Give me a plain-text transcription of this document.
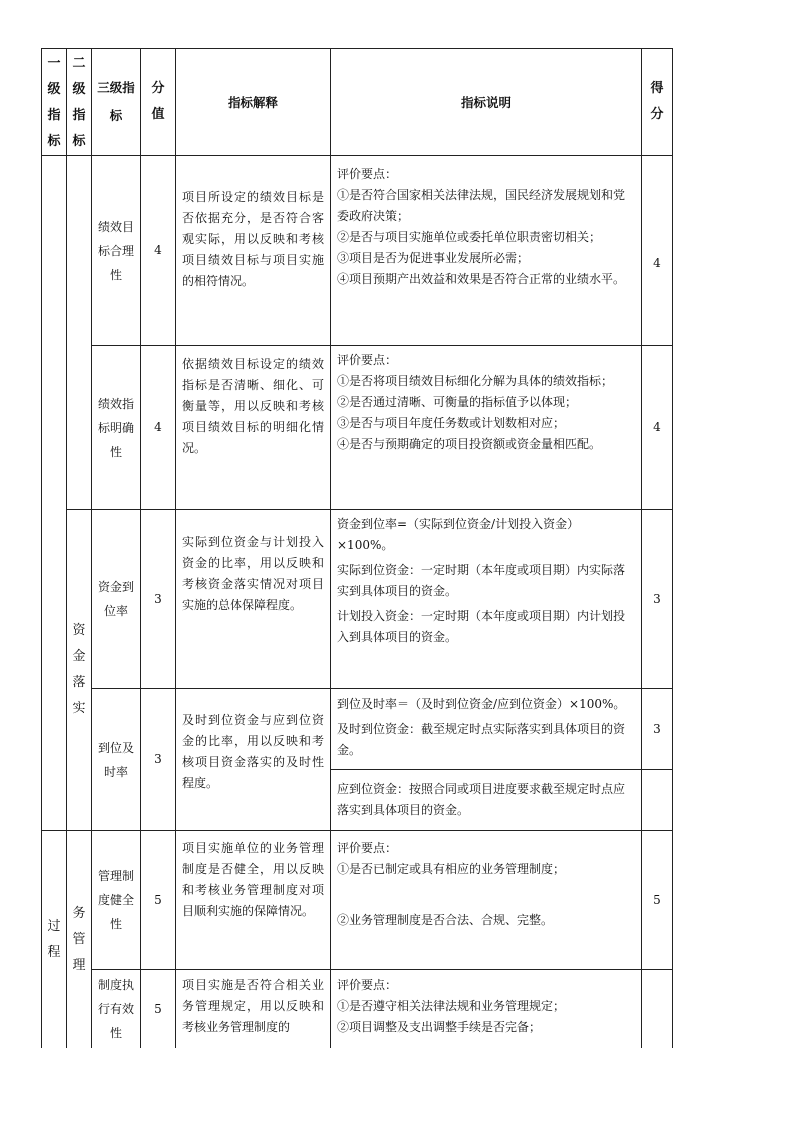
一级指标
二级指标
三级指标
分值
指标解释	指标说明
得分
资金落实
过程
务管理
绩效目标合理性
4
项目所设定的绩效目标是否依据充分，是否符合客观实际，用以反映和考核项目绩效目标与项目实施的相符情况。

评价要点：

①是否符合国家相关法律法规，国民经济发展规划和党委政府决策；

②是否与项目实施单位或委托单位职责密切相关；

③项目是否为促进事业发展所必需；

④项目预期产出效益和效果是否符合正常的业绩水平。

4
绩效指标明确性
4
依据绩效目标设定的绩效指标是否清晰、细化、可衡量等，用以反映和考核项目绩效目标的明细化情况。

评价要点：

①是否将项目绩效目标细化分解为具体的绩效指标；

②是否通过清晰、可衡量的指标值予以体现；

③是否与项目年度任务数或计划数相对应；

④是否与预期确定的项目投资额或资金量相匹配。

4
资金到位率
3
实际到位资金与计划投入资金的比率，用以反映和考核资金落实情况对项目实施的总体保障程度。

资金到位率=（实际到位资金/计划投入资金）×100%。

实际到位资金：一定时期（本年度或项目期）内实际落实到具体项目的资金。

计划投入资金：一定时期（本年度或项目期）内计划投入到具体项目的资金。

3
到位及时率
3
及时到位资金与应到位资金的比率，用以反映和考核项目资金落实的及时性程度。

到位及时率＝（及时到位资金/应到位资金）×100%。

及时到位资金：截至规定时点实际落实到具体项目的资金。

应到位资金：按照合同或项目进度要求截至规定时点应落实到具体项目的资金。

3
管理制度健全性
5
项目实施单位的业务管理制度是否健全，用以反映和考核业务管理制度对项目顺利实施的保障情况。

评价要点：

①是否已制定或具有相应的业务管理制度；

②业务管理制度是否合法、合规、完整。

5
制度执行有效性
5
项目实施是否符合相关业务管理规定，用以反映和考核业务管理制度的

评价要点：

①是否遵守相关法律法规和业务管理规定；

②项目调整及支出调整手续是否完备；
